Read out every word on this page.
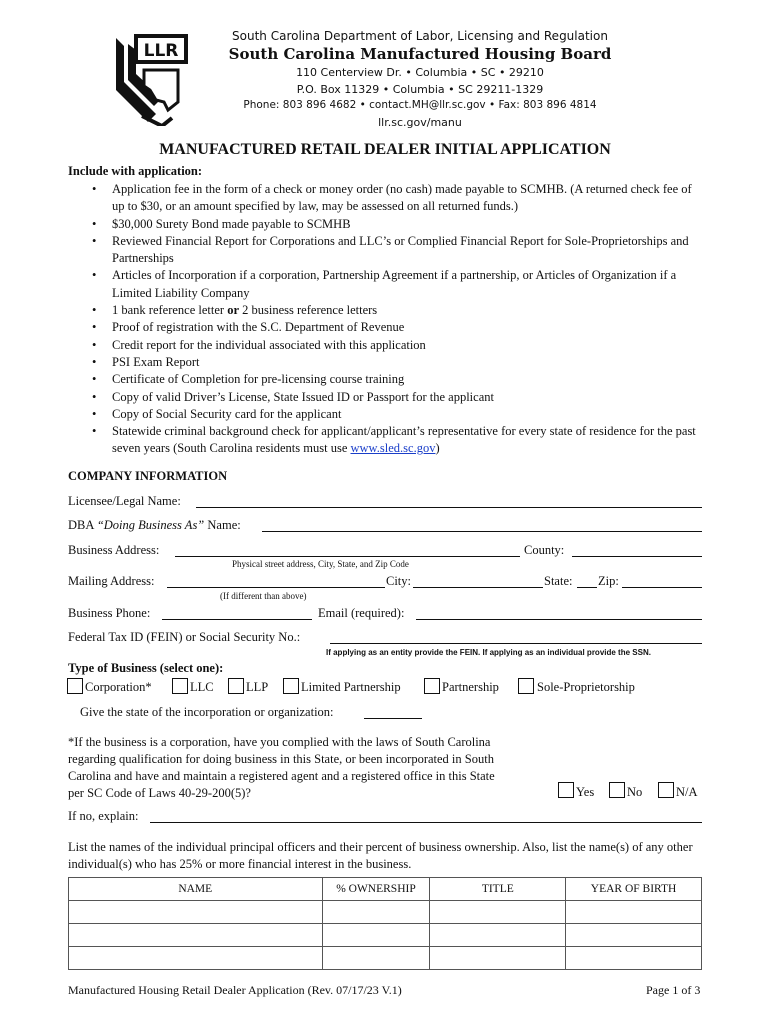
LLR
South Carolina Department of Labor, Licensing and Regulation
South Carolina Manufactured Housing Board
110 Centerview Dr. • Columbia • SC • 29210
P.O. Box 11329 • Columbia • SC 29211-1329
Phone: 803 896 4682 • contact.MH@llr.sc.gov • Fax: 803 896 4814
llr.sc.gov/manu
MANUFACTURED RETAIL DEALER INITIAL APPLICATION
Include with application:
• Application fee in the form of a check or money order (no cash) made payable to SCMHB. (A returned check fee of up to $30, or an amount specified by law, may be assessed on all returned funds.)
• $30,000 Surety Bond made payable to SCMHB
• Reviewed Financial Report for Corporations and LLC’s or Complied Financial Report for Sole-Proprietorships and Partnerships
• Articles of Incorporation if a corporation, Partnership Agreement if a partnership, or Articles of Organization if a Limited Liability Company
• 1 bank reference letter or 2 business reference letters
• Proof of registration with the S.C. Department of Revenue
• Credit report for the individual associated with this application
• PSI Exam Report
• Certificate of Completion for pre-licensing course training
• Copy of valid Driver’s License, State Issued ID or Passport for the applicant
• Copy of Social Security card for the applicant
• Statewide criminal background check for applicant/applicant’s representative for every state of residence for the past seven years (South Carolina residents must use www.sled.sc.gov)
COMPANY INFORMATION
Licensee/Legal Name:
DBA “Doing Business As” Name:
Business Address:	County:
Physical street address, City, State, and Zip Code
Mailing Address:	City:	State: Zip:
(If different than above)
Business Phone:	Email (required):
Federal Tax ID (FEIN) or Social Security No.:
If applying as an entity provide the FEIN. If applying as an individual provide the SSN.
Type of Business (select one):
Corporation*	LLC	LLP	Limited Partnership	Partnership	Sole-Proprietorship
Give the state of the incorporation or organization:
*If the business is a corporation, have you complied with the laws of South Carolina
regarding qualification for doing business in this State, or been incorporated in South
Carolina and have and maintain a registered agent and a registered office in this State
per SC Code of Laws 40-29-200(5)?	Yes	No	N/A
If no, explain:
List the names of the individual principal officers and their percent of business ownership. Also, list the name(s) of any other individual(s) who has 25% or more financial interest in the business.
NAME	% OWNERSHIP	TITLE	YEAR OF BIRTH

Manufactured Housing Retail Dealer Application (Rev. 07/17/23 V.1)	Page 1 of 3
